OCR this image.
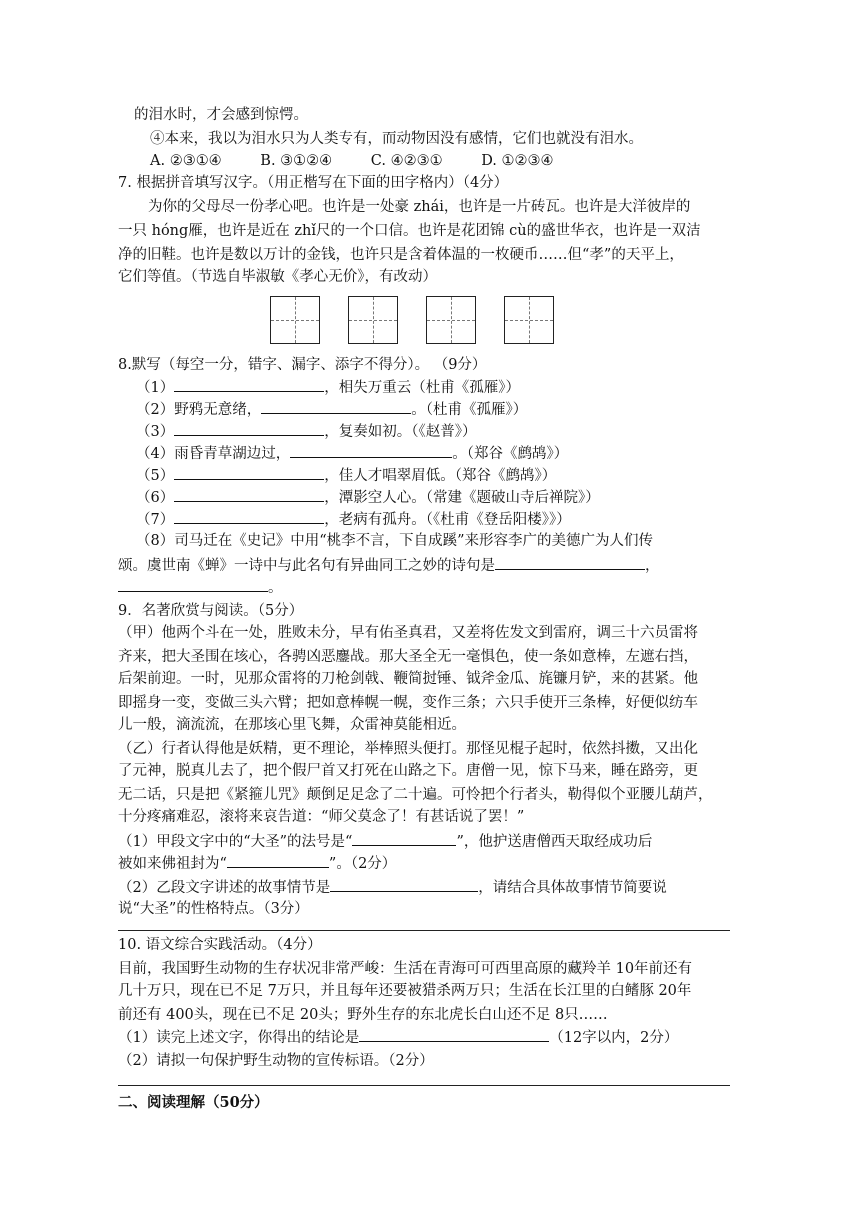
的泪水时，才会感到惊愕。
④本来，我以为泪水只为人类专有，而动物因没有感情，它们也就没有泪水。
A. ②③①④	B. ③①②④	C. ④②③①	D. ①②③④
7. 根据拼音填写汉字。（用正楷写在下面的田字格内）（4分）
为你的父母尽一份孝心吧。也许是一处豪 zhái，也许是一片砖瓦。也许是大洋彼岸的
一只 hóng雁，也许是近在 zhǐ尺的一个口信。也许是花团锦 cù的盛世华衣，也许是一双洁
净的旧鞋。也许是数以万计的金钱，也许只是含着体温的一枚硬币……但“孝”的天平上，
它们等值。（节选自毕淑敏《孝心无价》，有改动）
8.默写（每空一分，错字、漏字、添字不得分）。 （9分）
（1）	，相失万重云（杜甫《孤雁》）
（2）野鸦无意绪，	。（杜甫《孤雁》）
（3）	，复奏如初。（《赵普》）
（4）雨昏青草湖边过，	。（郑谷《鹧鸪》）
（5）	，佳人才唱翠眉低。（郑谷《鹧鸪》）
（6）	，潭影空人心。（常建《题破山寺后禅院》）
（7）	，老病有孤舟。（《杜甫《登岳阳楼》》）
（8）司马迁在《史记》中用“桃李不言，下自成蹊”来形容李广的美德广为人们传
颂。虞世南《蝉》一诗中与此名句有异曲同工之妙的诗句是	，
。
9．名著欣赏与阅读。（5分）
（甲）他两个斗在一处，胜败未分，早有佑圣真君，又差将佐发文到雷府，调三十六员雷将
齐来，把大圣围在垓心，各骋凶恶鏖战。那大圣全无一毫惧色，使一条如意棒，左遮右挡，
后架前迎。一时，见那众雷将的刀枪剑戟、鞭简挝锤、钺斧金瓜、旄镰月铲，来的甚紧。他
即摇身一变，变做三头六臂；把如意棒幌一幌，变作三条；六只手使开三条棒，好便似纺车
儿一般，滴流流，在那垓心里飞舞，众雷神莫能相近。
（乙）行者认得他是妖精，更不理论，举棒照头便打。那怪见棍子起时，依然抖擞，又出化
了元神，脱真儿去了，把个假尸首又打死在山路之下。唐僧一见，惊下马来，睡在路旁，更
无二话，只是把《紧箍儿咒》颠倒足足念了二十遍。可怜把个行者头，勒得似个亚腰儿葫芦，
十分疼痛难忍，滚将来哀告道：“师父莫念了！有甚话说了罢！”
（1）甲段文字中的“大圣”的法号是“	”，他护送唐僧西天取经成功后
被如来佛祖封为“	”。（2分）
（2）乙段文字讲述的故事情节是	，请结合具体故事情节简要说
说“大圣”的性格特点。（3分）
10. 语文综合实践活动。（4分）
目前，我国野生动物的生存状况非常严峻：生活在青海可可西里高原的藏羚羊 10年前还有
几十万只，现在已不足 7万只，并且每年还要被猎杀两万只；生活在长江里的白鳍豚 20年
前还有 400头，现在已不足 20头；野外生存的东北虎长白山还不足 8只……
（1）读完上述文字，你得出的结论是	（12字以内，2分）
（2）请拟一句保护野生动物的宣传标语。（2分）
二、阅读理解（50分）
